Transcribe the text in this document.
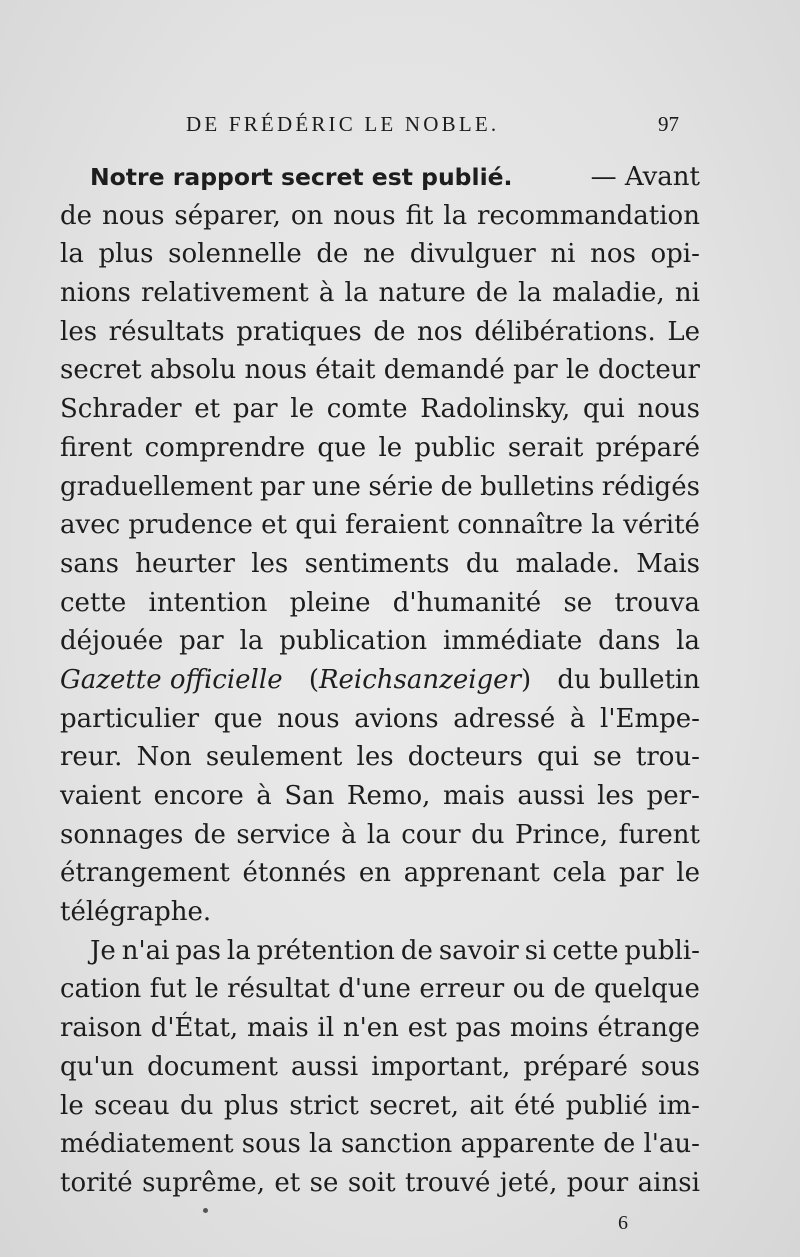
DE FRÉDÉRIC LE NOBLE.	97
Notre rapport secret est publié.	— Avant
de nous séparer, on nous fit la recommandation
la plus solennelle de ne divulguer ni nos opi-
nions relativement à la nature de la maladie, ni
les résultats pratiques de nos délibérations. Le
secret absolu nous était demandé par le docteur
Schrader et par le comte Radolinsky, qui nous
firent comprendre que le public serait préparé
graduellement par une série de bulletins rédigés
avec prudence et qui feraient connaître la vérité
sans heurter les sentiments du malade. Mais
cette intention pleine d'humanité se trouva
déjouée par la publication immédiate dans la
Gazette officielle (Reichsanzeiger) du bulletin
particulier que nous avions adressé à l'Empe-
reur. Non seulement les docteurs qui se trou-
vaient encore à San Remo, mais aussi les per-
sonnages de service à la cour du Prince, furent
étrangement étonnés en apprenant cela par le
télégraphe.
Je n'ai pas la prétention de savoir si cette publi-
cation fut le résultat d'une erreur ou de quelque
raison d'État, mais il n'en est pas moins étrange
qu'un document aussi important, préparé sous
le sceau du plus strict secret, ait été publié im-
médiatement sous la sanction apparente de l'au-
torité suprême, et se soit trouvé jeté, pour ainsi
6
